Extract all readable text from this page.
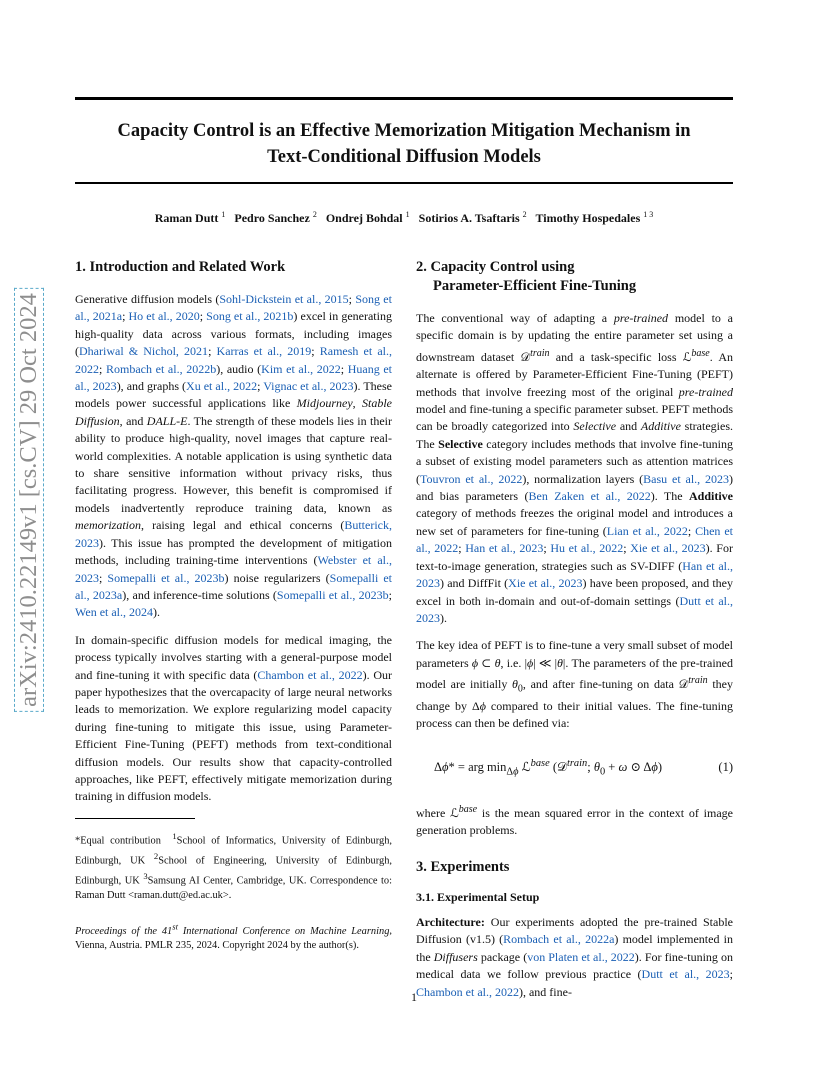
Capacity Control is an Effective Memorization Mitigation Mechanism in
Text-Conditional Diffusion Models
Raman Dutt $^1$ Pedro Sanchez $^2$ Ondrej Bohdal $^1$ Sotirios A. Tsaftaris $^2$ Timothy Hospedales $^{1 3}$
arXiv:2410.22149v1 [cs.CV] 29 Oct 2024
1. Introduction and Related Work

Generative diffusion models (Sohl-Dickstein et al., 2015; Song et al., 2021a; Ho et al., 2020; Song et al., 2021b) excel in generating high-quality data across various formats, including images (Dhariwal & Nichol, 2021; Karras et al., 2019; Ramesh et al., 2022; Rombach et al., 2022b), audio (Kim et al., 2022; Huang et al., 2023), and graphs (Xu et al., 2022; Vignac et al., 2023). These models power successful applications like Midjourney, Stable Diffusion, and DALL-E. The strength of these models lies in their ability to produce high-quality, novel images that capture real-world complexities. A notable application is using synthetic data to share sensitive information without privacy risks, thus facilitating progress. However, this benefit is compromised if models inadvertently reproduce training data, known as memorization, raising legal and ethical concerns (Butterick, 2023). This issue has prompted the development of mitigation methods, including training-time interventions (Webster et al., 2023; Somepalli et al., 2023b) noise regularizers (Somepalli et al., 2023a), and inference-time solutions (Somepalli et al., 2023b; Wen et al., 2024).

In domain-specific diffusion models for medical imaging, the process typically involves starting with a general-purpose model and fine-tuning it with specific data (Chambon et al., 2022). Our paper hypothesizes that the overcapacity of large neural networks leads to memorization. We explore regularizing model capacity during fine-tuning to mitigate this issue, using Parameter-Efficient Fine-Tuning (PEFT) methods from text-conditional diffusion models. Our results show that capacity-controlled approaches, like PEFT, effectively mitigate memorization during training in diffusion models.

*Equal contribution  $^1$School of Informatics, University of Edinburgh, Edinburgh, UK $^2$School of Engineering, University of Edinburgh, Edinburgh, UK $^3$Samsung AI Center, Cambridge, UK. Correspondence to: Raman Dutt <raman.dutt@ed.ac.uk>.
Proceedings of the 41st International Conference on Machine Learning, Vienna, Austria. PMLR 235, 2024. Copyright 2024 by the author(s).
2. Capacity Control using
Parameter-Efficient Fine-Tuning

The conventional way of adapting a pre-trained model to a specific domain is by updating the entire parameter set using a downstream dataset 𝒟$^{train}$ and a task-specific loss ℒ$^{base}$. An alternate is offered by Parameter-Efficient Fine-Tuning (PEFT) methods that involve freezing most of the original pre-trained model and fine-tuning a specific parameter subset. PEFT methods can be broadly categorized into Selective and Additive strategies. The Selective category includes methods that involve fine-tuning a subset of existing model parameters such as attention matrices (Touvron et al., 2022), normalization layers (Basu et al., 2023) and bias parameters (Ben Zaken et al., 2022). The Additive category of methods freezes the original model and introduces a new set of parameters for fine-tuning (Lian et al., 2022; Chen et al., 2022; Han et al., 2023; Hu et al., 2022; Xie et al., 2023). For text-to-image generation, strategies such as SV-DIFF (Han et al., 2023) and DiffFit (Xie et al., 2023) have been proposed, and they excel in both in-domain and out-of-domain settings (Dutt et al., 2023).

The key idea of PEFT is to fine-tune a very small subset of model parameters ϕ ⊂ θ, i.e. |ϕ| ≪ |θ|. The parameters of the pre-trained model are initially $\theta_0$, and after fine-tuning on data 𝒟$^{train}$ they change by Δϕ compared to their initial values. The fine-tuning process can then be defined via:

Δϕ* = arg $\min_{\Delta\phi}$ ℒ$^{base}$ (𝒟$^{train}$; $\theta_0 + \omega$ ⊙ Δϕ)	(1)

where ℒ$^{base}$ is the mean squared error in the context of image generation problems.

3. Experiments
3.1. Experimental Setup

Architecture: Our experiments adopted the pre-trained Stable Diffusion (v1.5) (Rombach et al., 2022a) model implemented in the Diffusers package (von Platen et al., 2022). For fine-tuning on medical data we follow previous practice (Dutt et al., 2023; Chambon et al., 2022), and fine-

1
